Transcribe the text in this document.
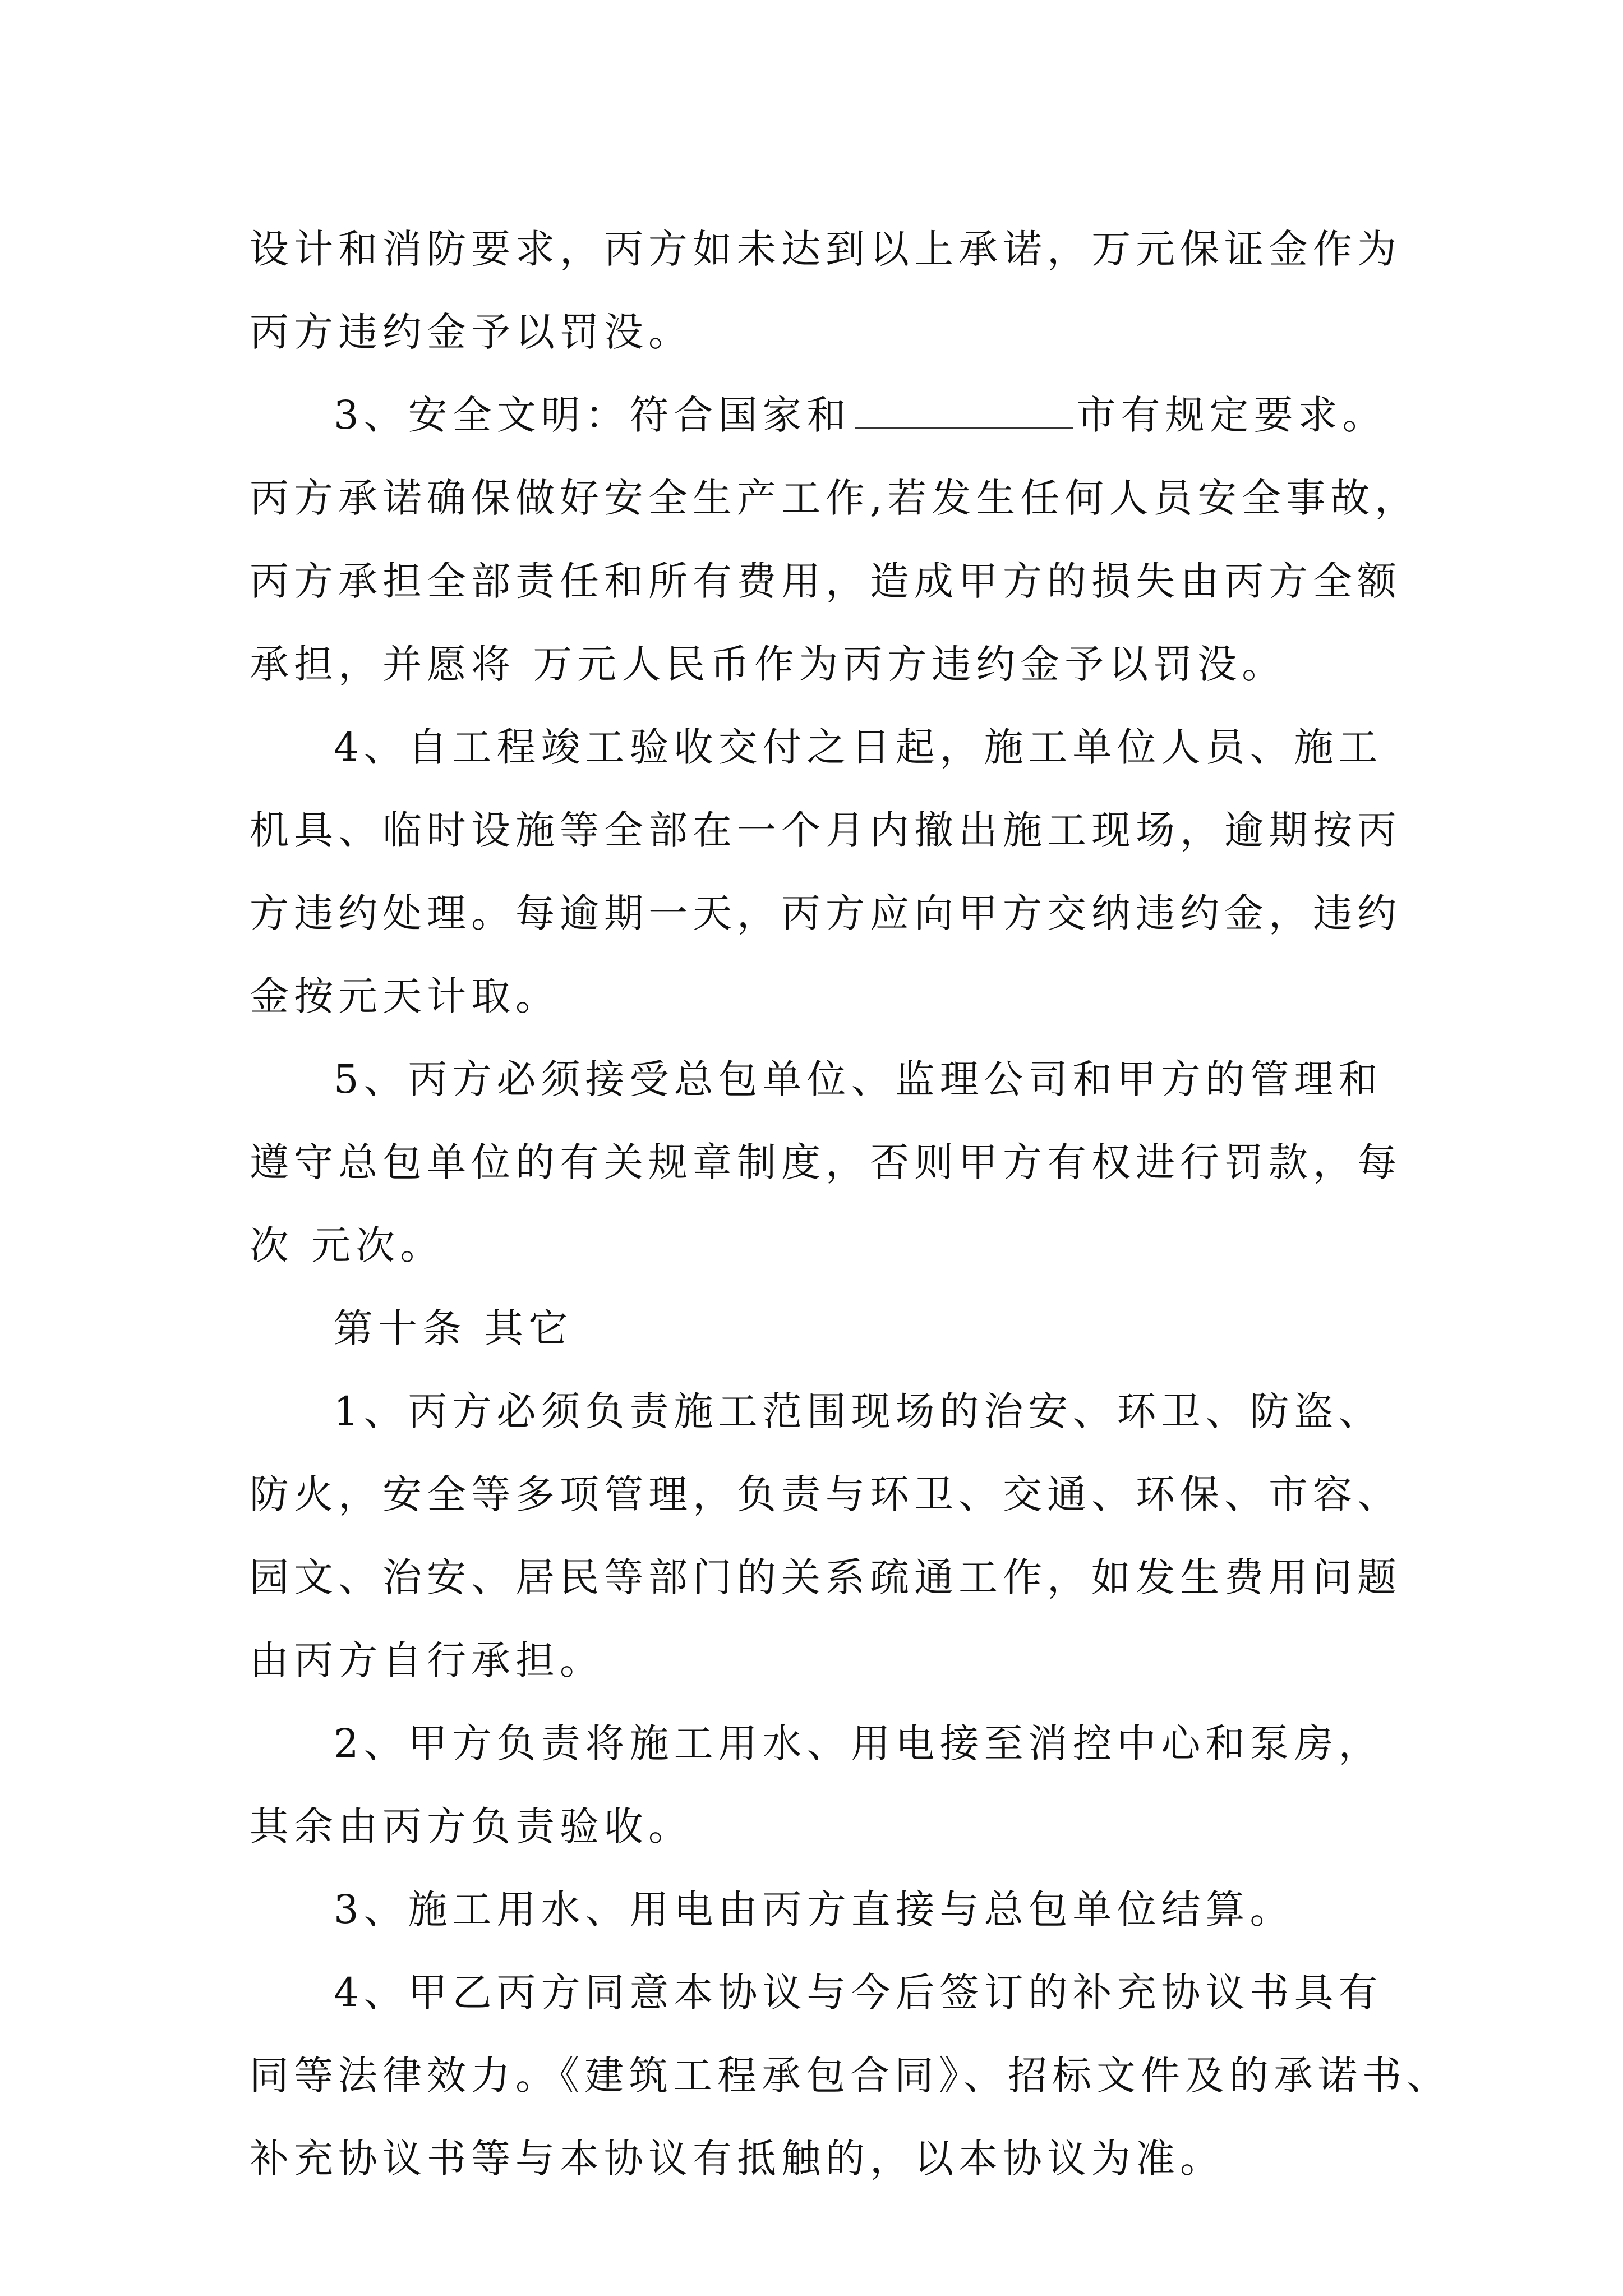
设计和消防要求，丙方如未达到以上承诺，万元保证金作为
丙方违约金予以罚没。
3、安全文明：符合国家和	市有规定要求。
丙方承诺确保做好安全生产工作,若发生任何人员安全事故，
丙方承担全部责任和所有费用，造成甲方的损失由丙方全额
承担，并愿将 万元人民币作为丙方违约金予以罚没。
4、自工程竣工验收交付之日起，施工单位人员、施工
机具、临时设施等全部在一个月内撤出施工现场，逾期按丙
方违约处理。每逾期一天，丙方应向甲方交纳违约金，违约
金按元天计取。
5、丙方必须接受总包单位、监理公司和甲方的管理和
遵守总包单位的有关规章制度，否则甲方有权进行罚款，每
次 元次。
第十条 其它
1、丙方必须负责施工范围现场的治安、环卫、防盗、
防火，安全等多项管理，负责与环卫、交通、环保、市容、
园文、治安、居民等部门的关系疏通工作，如发生费用问题
由丙方自行承担。
2、甲方负责将施工用水、用电接至消控中心和泵房，
其余由丙方负责验收。
3、施工用水、用电由丙方直接与总包单位结算。
4、甲乙丙方同意本协议与今后签订的补充协议书具有
同等法律效力。《建筑工程承包合同》、招标文件及的承诺书、
补充协议书等与本协议有抵触的，以本协议为准。
